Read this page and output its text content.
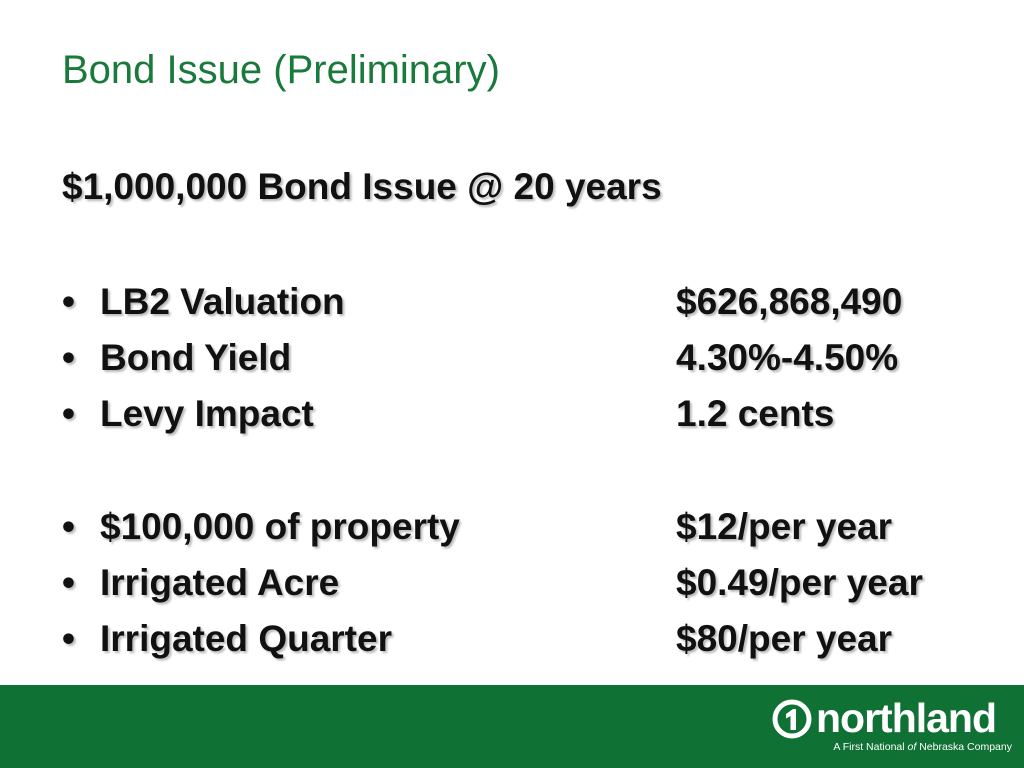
Bond Issue (Preliminary)
$1,000,000 Bond Issue @ 20 years
• LB2 Valuation	$626,868,490
• Bond Yield	4.30%-4.50%
• Levy Impact	1.2 cents
• $100,000 of property	$12/per year
• Irrigated Acre	$0.49/per year
• Irrigated Quarter	$80/per year
northland
A First National of Nebraska Company
